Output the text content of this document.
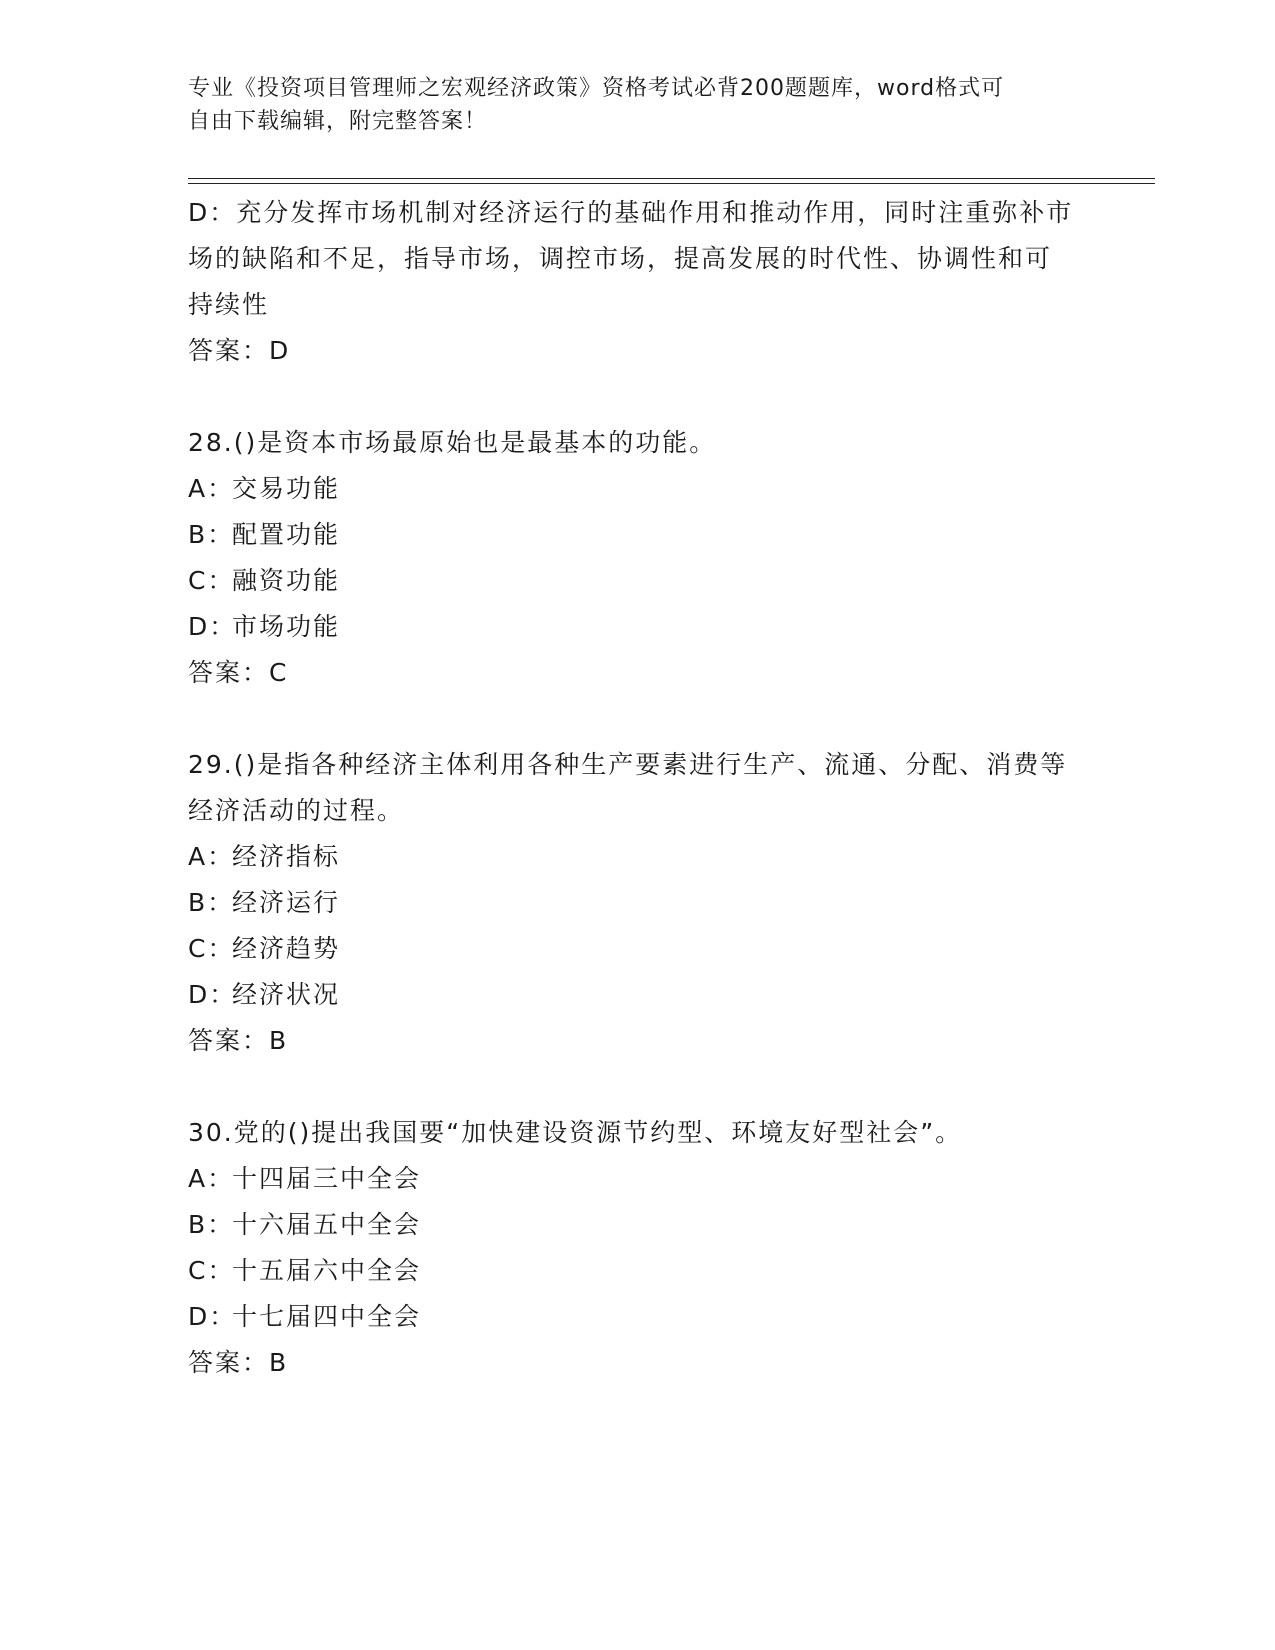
专业《投资项目管理师之宏观经济政策》资格考试必背200题题库，word格式可
自由下载编辑，附完整答案！
D：充分发挥市场机制对经济运行的基础作用和推动作用，同时注重弥补市场的缺陷和不足，指导市场，调控市场，提高发展的时代性、协调性和可持续性
答案：D
28.()是资本市场最原始也是最基本的功能。
A：交易功能
B：配置功能
C：融资功能
D：市场功能
答案：C
29.()是指各种经济主体利用各种生产要素进行生产、流通、分配、消费等经济活动的过程。
A：经济指标
B：经济运行
C：经济趋势
D：经济状况
答案：B
30.党的()提出我国要“加快建设资源节约型、环境友好型社会”。
A：十四届三中全会
B：十六届五中全会
C：十五届六中全会
D：十七届四中全会
答案：B
